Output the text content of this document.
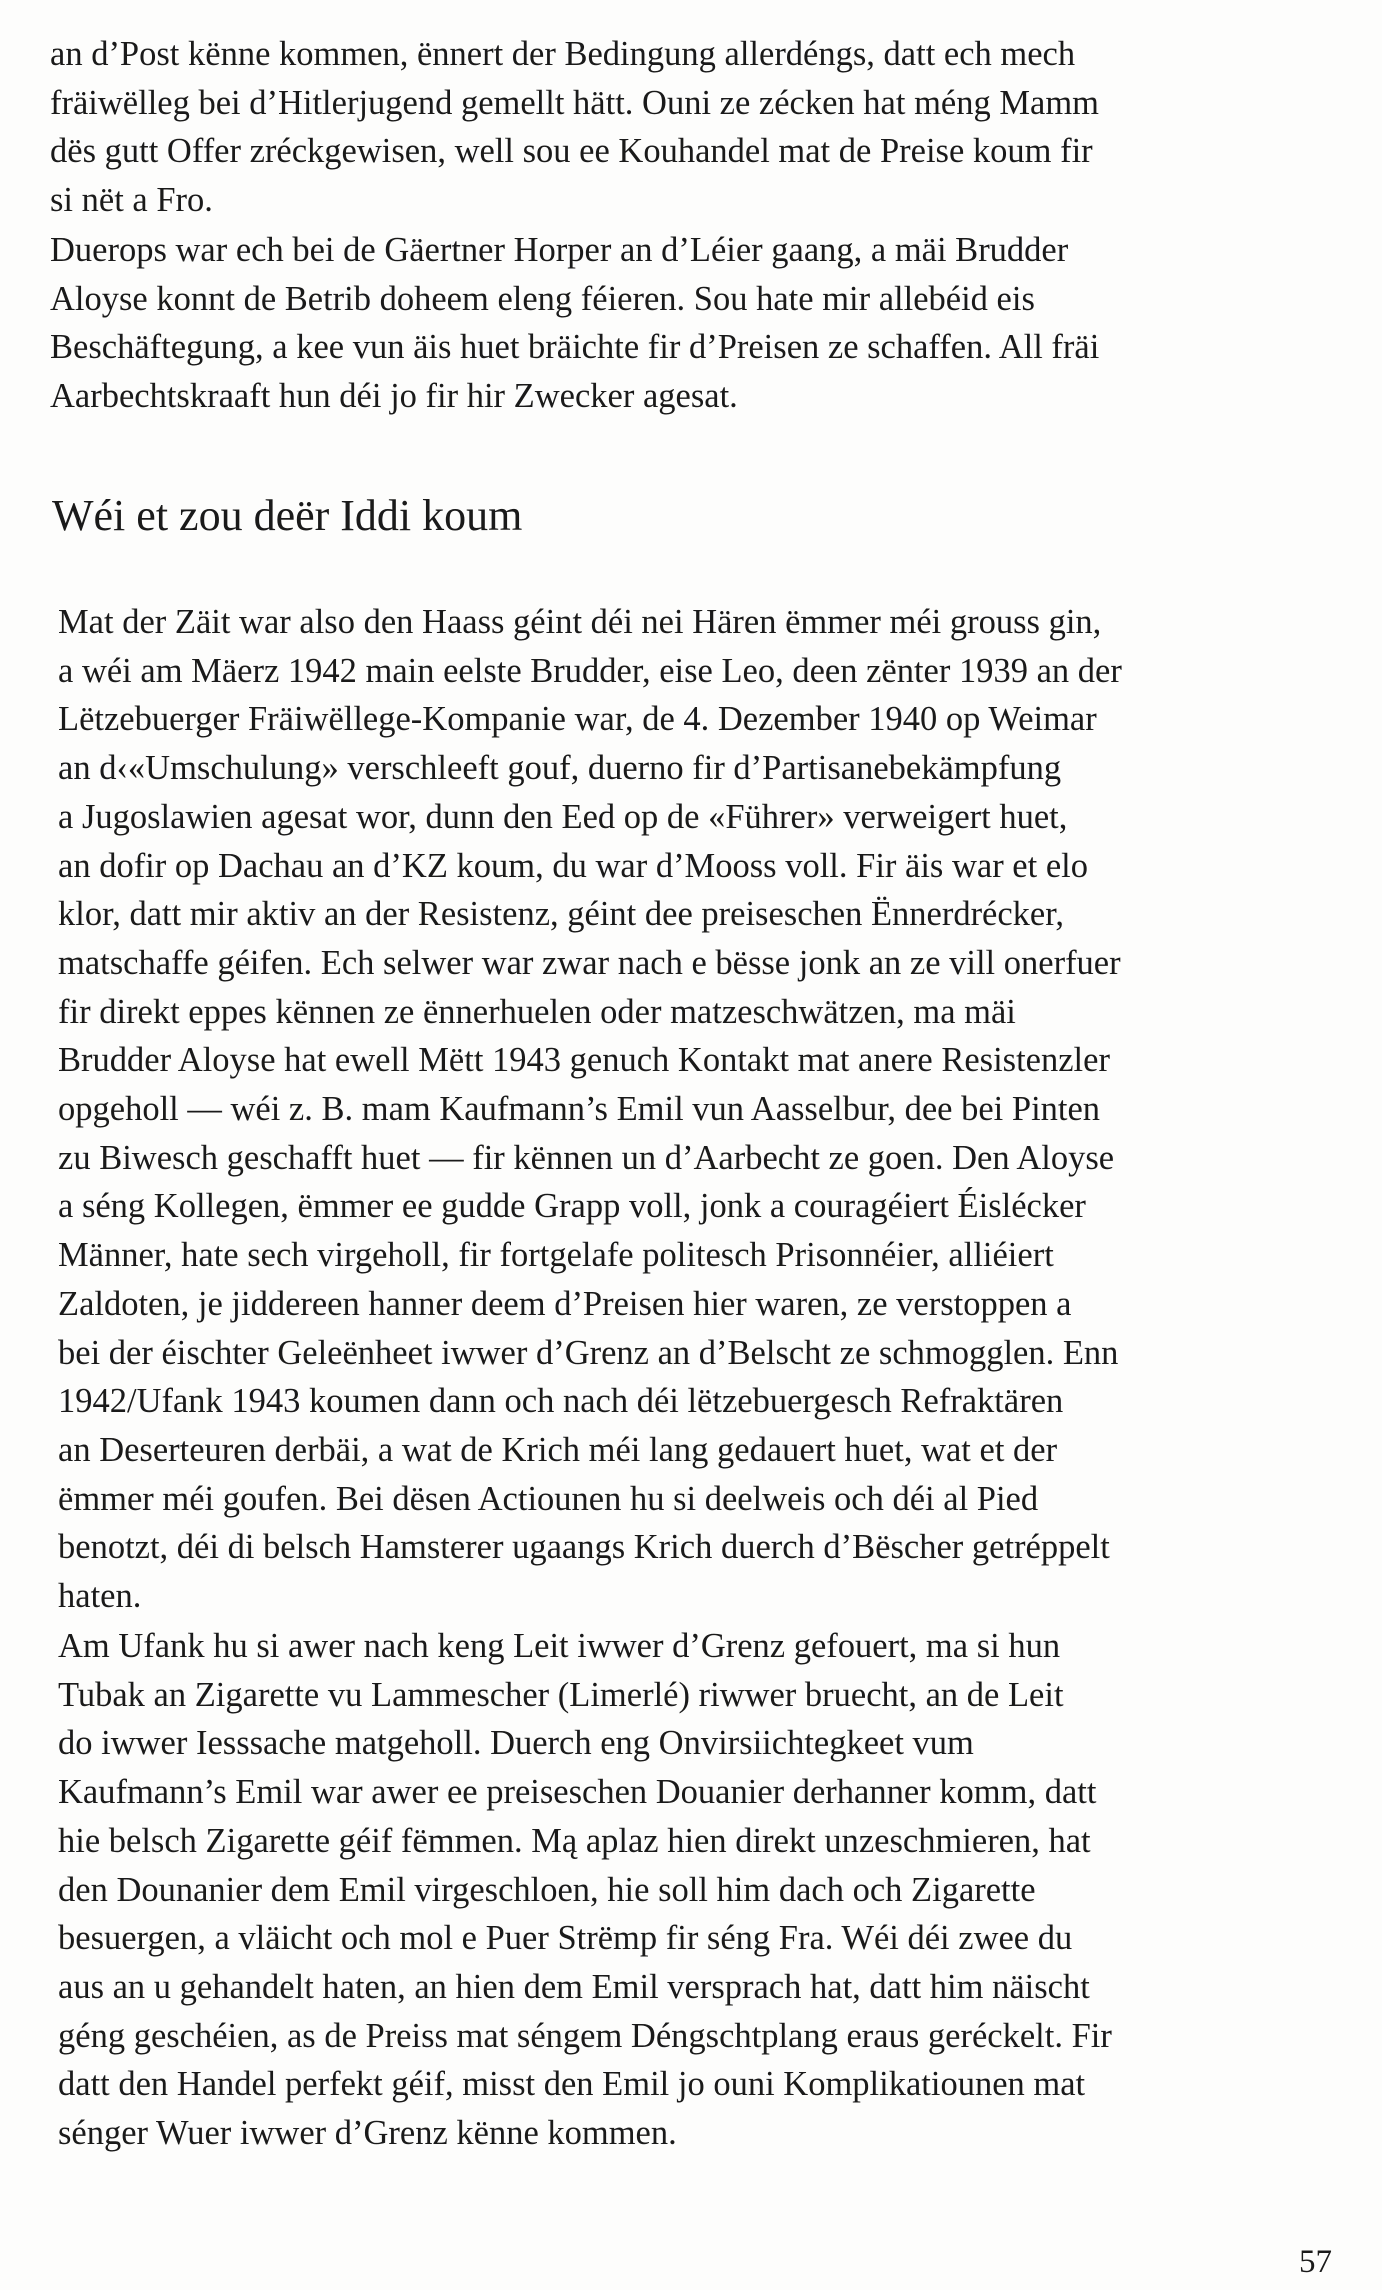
an d’Post kënne kommen, ënnert der Bedingung allerdéngs, datt ech mech
fräiwëlleg bei d’Hitlerjugend gemellt hätt. Ouni ze zécken hat méng Mamm
dës gutt Offer zréckgewisen, well sou ee Kouhandel mat de Preise koum fir
si nët a Fro.

Duerops war ech bei de Gäertner Horper an d’Léier gaang, a mäi Brudder
Aloyse konnt de Betrib doheem eleng féieren. Sou hate mir allebéid eis
Beschäftegung, a kee vun äis huet bräichte fir d’Preisen ze schaffen. All fräi
Aarbechtskraaft hun déi jo fir hir Zwecker agesat.

Wéi et zou deër Iddi koum

Mat der Zäit war also den Haass géint déi nei Hären ëmmer méi grouss gin,
a wéi am Mäerz 1942 main eelste Brudder, eise Leo, deen zënter 1939 an der
Lëtzebuerger Fräiwëllege-Kompanie war, de 4. Dezember 1940 op Weimar
an d‹«Umschulung» verschleeft gouf, duerno fir d’Partisanebekämpfung
a Jugoslawien agesat wor, dunn den Eed op de «Führer» verweigert huet,
an dofir op Dachau an d’KZ koum, du war d’Mooss voll. Fir äis war et elo
klor, datt mir aktiv an der Resistenz, géint dee preiseschen Ënnerdrécker,
matschaffe géifen. Ech selwer war zwar nach e bësse jonk an ze vill onerfuer
fir direkt eppes kënnen ze ënnerhuelen oder matzeschwätzen, ma mäi
Brudder Aloyse hat ewell Mëtt 1943 genuch Kontakt mat anere Resistenzler
opgeholl — wéi z. B. mam Kaufmann’s Emil vun Aasselbur, dee bei Pinten
zu Biwesch geschafft huet — fir kënnen un d’Aarbecht ze goen. Den Aloyse
a séng Kollegen, ëmmer ee gudde Grapp voll, jonk a couragéiert Éislécker
Männer, hate sech virgeholl, fir fortgelafe politesch Prisonnéier, alliéiert
Zaldoten, je jiddereen hanner deem d’Preisen hier waren, ze verstoppen a
bei der éischter Geleënheet iwwer d’Grenz an d’Belscht ze schmogglen. Enn
1942/Ufank 1943 koumen dann och nach déi lëtzebuergesch Refraktären
an Deserteuren derbäi, a wat de Krich méi lang gedauert huet, wat et der
ëmmer méi goufen. Bei dësen Actiounen hu si deelweis och déi al Pied
benotzt, déi di belsch Hamsterer ugaangs Krich duerch d’Bëscher getréppelt
haten.

Am Ufank hu si awer nach keng Leit iwwer d’Grenz gefouert, ma si hun
Tubak an Zigarette vu Lammescher (Limerlé) riwwer bruecht, an de Leit
do iwwer Iesssache matgeholl. Duerch eng Onvirsiichtegkeet vum
Kaufmann’s Emil war awer ee preiseschen Douanier derhanner komm, datt
hie belsch Zigarette géif fëmmen. Mą aplaz hien direkt unzeschmieren, hat
den Dounanier dem Emil virgeschloen, hie soll him dach och Zigarette
besuergen, a vläicht och mol e Puer Strëmp fir séng Fra. Wéi déi zwee du
aus an u gehandelt haten, an hien dem Emil versprach hat, datt him näischt
géng geschéien, as de Preiss mat séngem Déngschtplang eraus geréckelt. Fir
datt den Handel perfekt géif, misst den Emil jo ouni Komplikatiounen mat
sénger Wuer iwwer d’Grenz kënne kommen.

57
